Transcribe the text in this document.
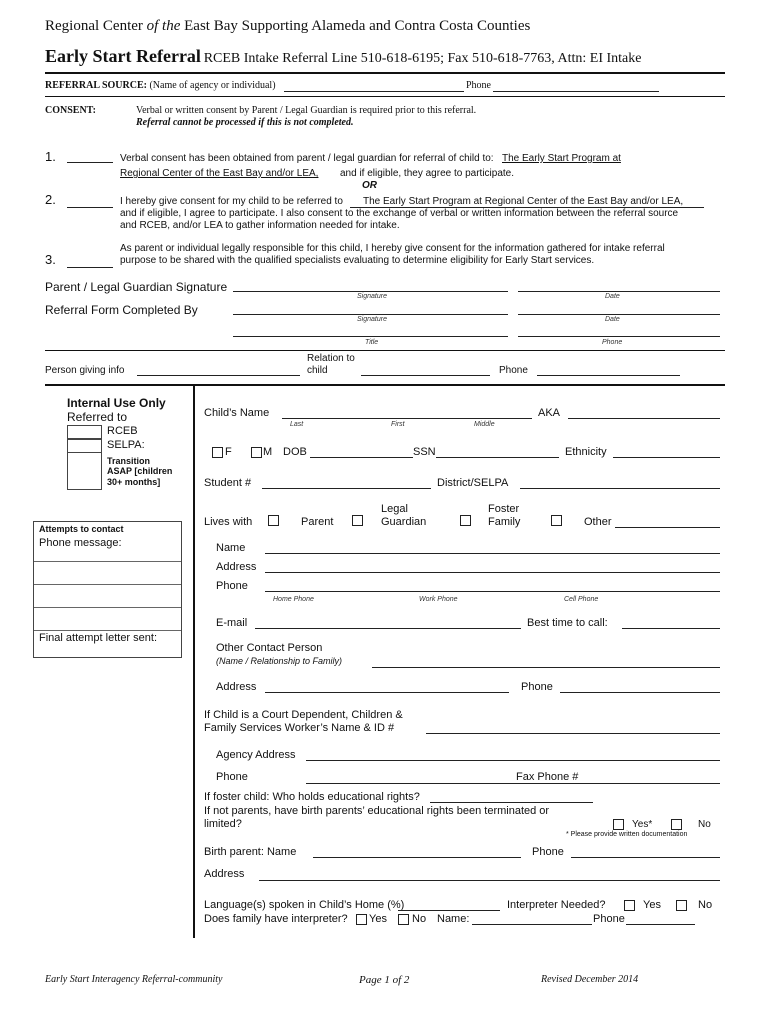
Regional Center of the East Bay Supporting Alameda and Contra Costa Counties
Early Start Referral RCEB Intake Referral Line 510-618-6195; Fax 510-618-7763, Attn: EI Intake
REFERRAL SOURCE: (Name of agency or individual)	Phone
CONSENT:	Verbal or written consent by Parent / Legal Guardian is required prior to this referral.
Referral cannot be processed if this is not completed.
1.	Verbal consent has been obtained from parent / legal guardian for referral of child to: The Early Start Program at
Regional Center of the East Bay and/or LEA, and if eligible, they agree to participate.
OR
2.	I hereby give consent for my child to be referred to The Early Start Program at Regional Center of the East Bay and/or LEA,
and if eligible, I agree to participate. I also consent to the exchange of verbal or written information between the referral source
and RCEB, and/or LEA to gather information needed for intake.
As parent or individual legally responsible for this child, I hereby give consent for the information gathered for intake referral
3.	purpose to be shared with the qualified specialists evaluating to determine eligibility for Early Start services.
Parent / Legal Guardian Signature
Signature	Date
Referral Form Completed By
Signature	Date
Title	Phone
Person giving info
Relation to
child	Phone
Internal Use Only
Referred to
RCEB
SELPA:
Transition
ASAP [children
30+ months]
Attempts to contact
Phone message:
Final attempt letter sent:
Child’s Name	AKA
Last	First	Middle
F	M DOB	SSN	Ethnicity
Student #	District/SELPA
Lives with	Parent
Legal
Guardian
Foster
Family	Other
Name
Address
Phone
Home Phone	Work Phone	Cell Phone
E-mail	Best time to call:
Other Contact Person
(Name / Relationship to Family)
Address	Phone
If Child is a Court Dependent, Children &
Family Services Worker’s Name & ID #
Agency Address
Phone	Fax Phone #
If foster child: Who holds educational rights?
If not parents, have birth parents’ educational rights been terminated or
limited?	Yes*	No
* Please provide written documentation
Birth parent: Name	Phone
Address
Language(s) spoken in Child’s Home (%)	Interpreter Needed?	Yes	No
Does family have interpreter? Yes No Name:	Phone
Early Start Interagency Referral-community	Page 1 of 2	Revised December 2014
